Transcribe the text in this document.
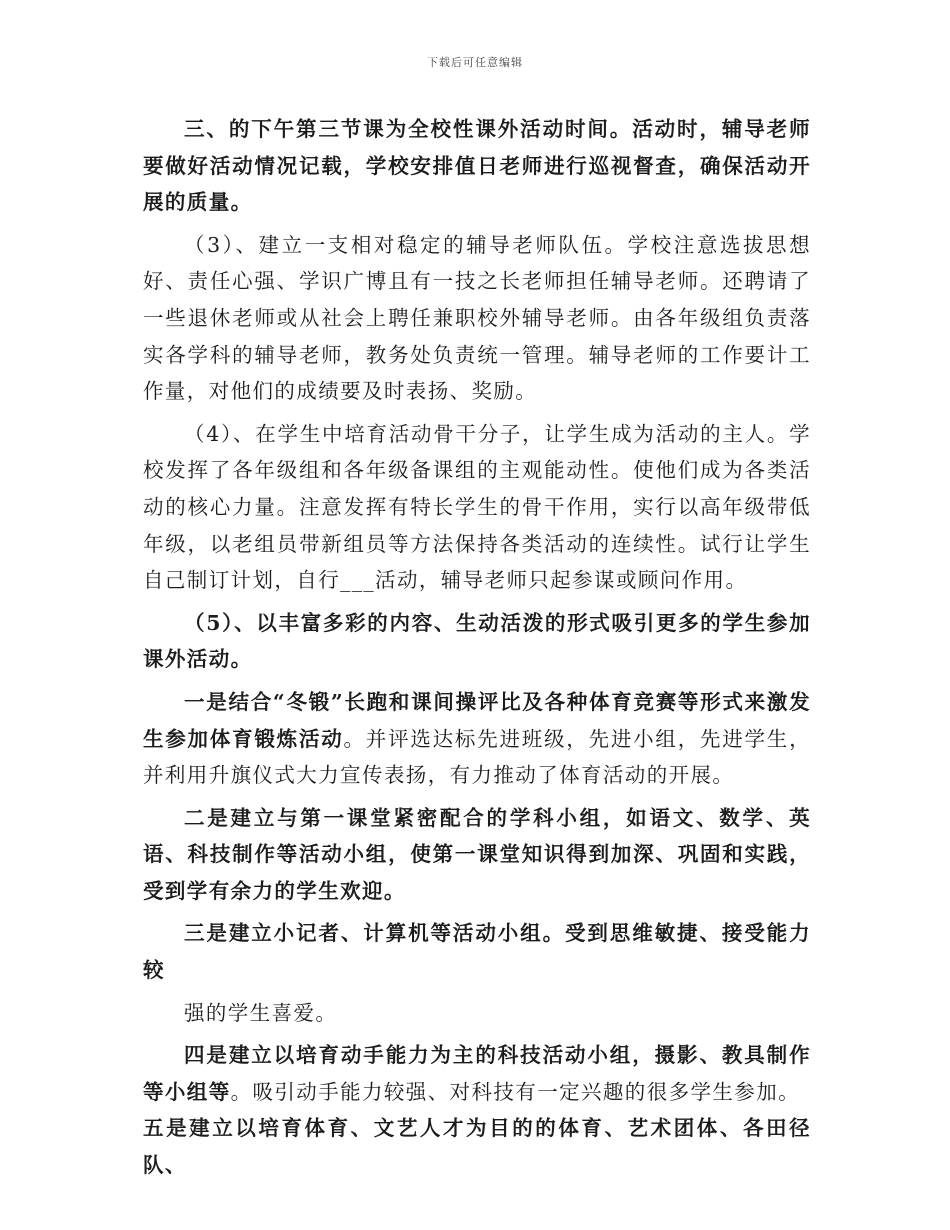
下载后可任意编辑

三、的下午第三节课为全校性课外活动时间。活动时，辅导老师要做好活动情况记载，学校安排值日老师进行巡视督查，确保活动开展的质量。

（3）、建立一支相对稳定的辅导老师队伍。学校注意选拔思想好、责任心强、学识广博且有一技之长老师担任辅导老师。还聘请了一些退休老师或从社会上聘任兼职校外辅导老师。由各年级组负责落实各学科的辅导老师，教务处负责统一管理。辅导老师的工作要计工作量，对他们的成绩要及时表扬、奖励。

（4）、在学生中培育活动骨干分子，让学生成为活动的主人。学校发挥了各年级组和各年级备课组的主观能动性。使他们成为各类活动的核心力量。注意发挥有特长学生的骨干作用，实行以高年级带低年级，以老组员带新组员等方法保持各类活动的连续性。试行让学生自己制订计划，自行___活动，辅导老师只起参谋或顾问作用。

（5）、以丰富多彩的内容、生动活泼的形式吸引更多的学生参加课外活动。

一是结合“冬锻”长跑和课间操评比及各种体育竞赛等形式来激发生参加体育锻炼活动。并评选达标先进班级，先进小组，先进学生，并利用升旗仪式大力宣传表扬，有力推动了体育活动的开展。

二是建立与第一课堂紧密配合的学科小组，如语文、数学、英语、科技制作等活动小组，使第一课堂知识得到加深、巩固和实践，受到学有余力的学生欢迎。

三是建立小记者、计算机等活动小组。受到思维敏捷、接受能力较

强的学生喜爱。

四是建立以培育动手能力为主的科技活动小组，摄影、教具制作等小组等。吸引动手能力较强、对科技有一定兴趣的很多学生参加。

五是建立以培育体育、文艺人才为目的的体育、艺术团体、各田径队、
